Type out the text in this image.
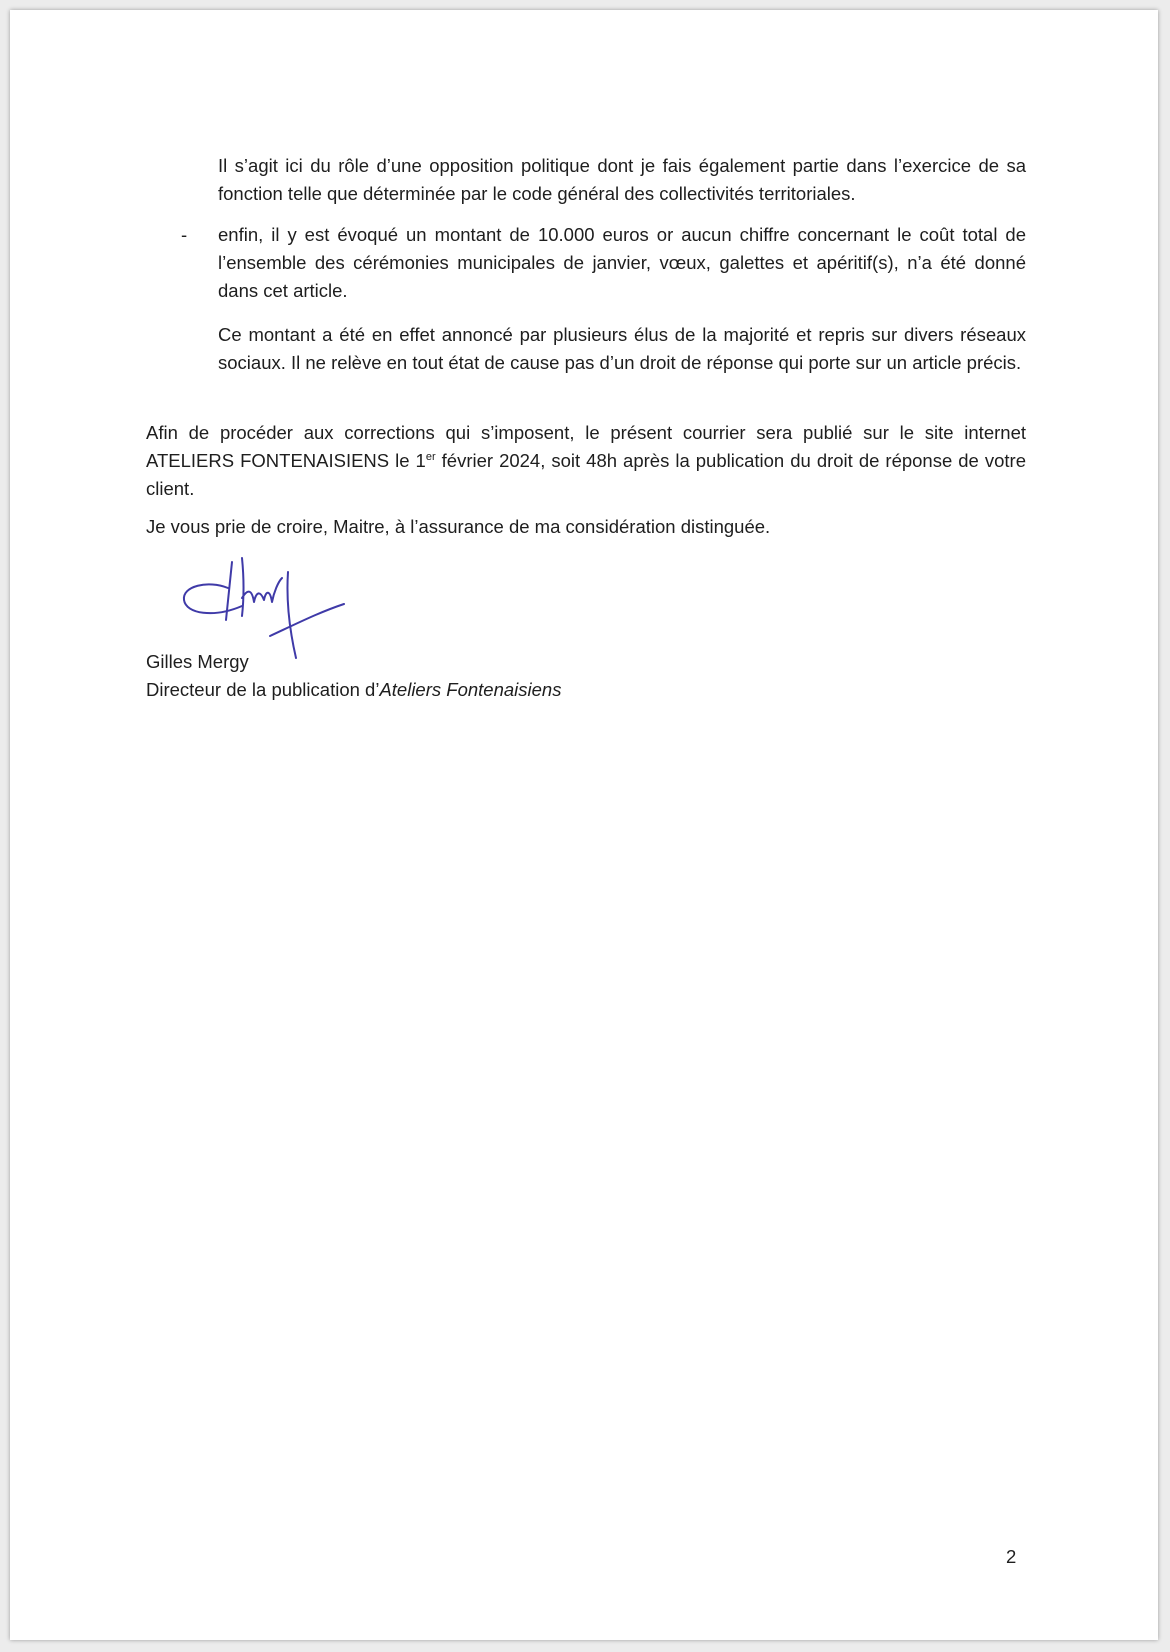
Il s’agit ici du rôle d’une opposition politique dont je fais également partie dans l’exercice de sa fonction telle que déterminée par le code général des collectivités territoriales.

- enfin, il y est évoqué un montant de 10.000 euros or aucun chiffre concernant le coût total de l’ensemble des cérémonies municipales de janvier, vœux, galettes et apéritif(s), n’a été donné dans cet article.

Ce montant a été en effet annoncé par plusieurs élus de la majorité et repris sur divers réseaux sociaux. Il ne relève en tout état de cause pas d’un droit de réponse qui porte sur un article précis.

Afin de procéder aux corrections qui s’imposent, le présent courrier sera publié sur le site internet ATELIERS FONTENAISIENS le 1er février 2024, soit 48h après la publication du droit de réponse de votre client.

Je vous prie de croire, Maitre, à l’assurance de ma considération distinguée.

Gilles Mergy
Directeur de la publication d’Ateliers Fontenaisiens
2
